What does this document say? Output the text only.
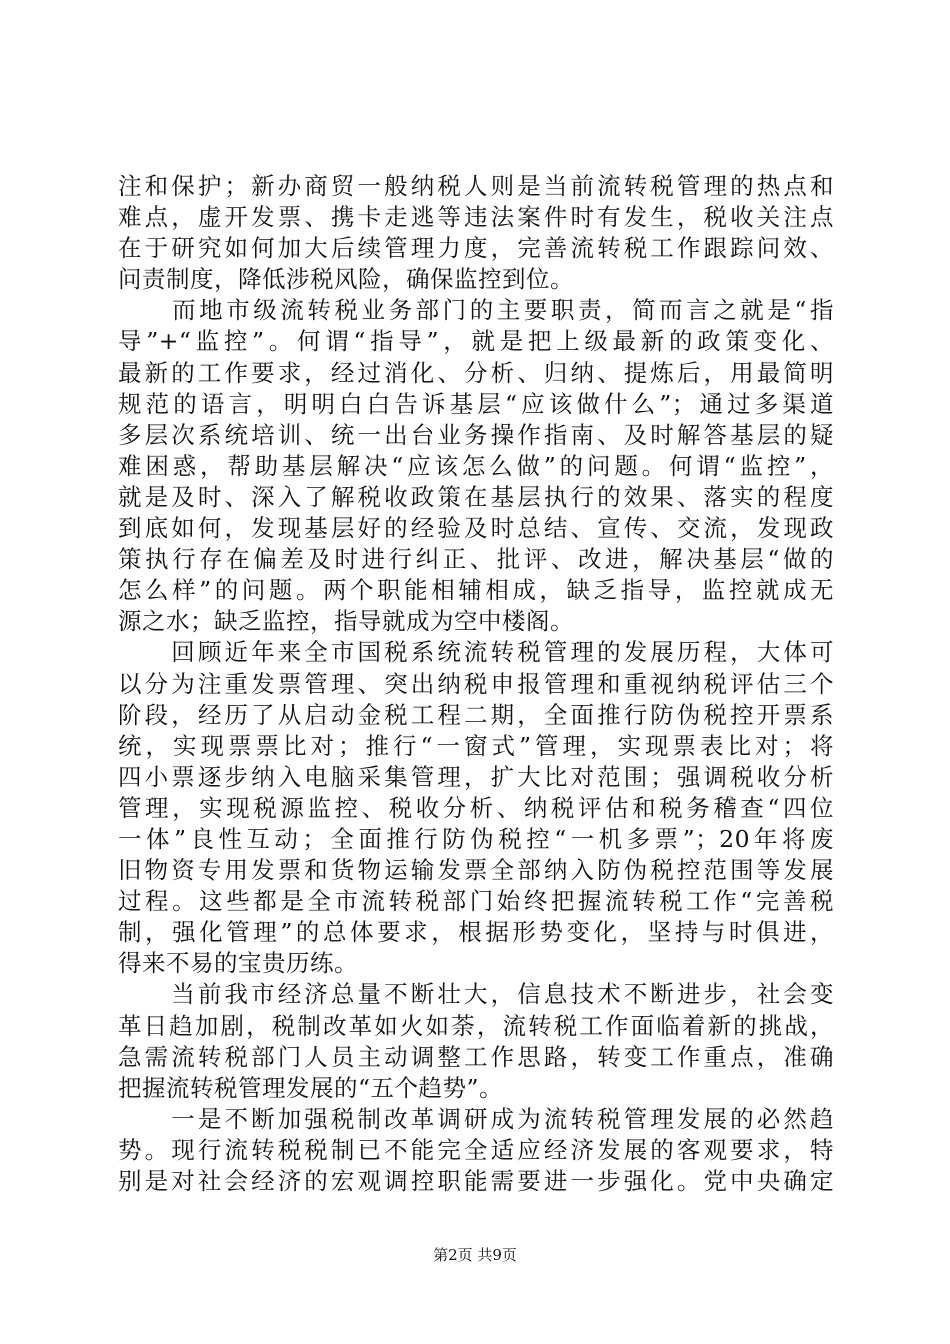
注和保护；新办商贸一般纳税人则是当前流转税管理的热点和
难点，虚开发票、携卡走逃等违法案件时有发生，税收关注点
在于研究如何加大后续管理力度，完善流转税工作跟踪问效、
问责制度，降低涉税风险，确保监控到位。
　　而地市级流转税业务部门的主要职责，简而言之就是“指
导”+“监控”。何谓“指导”，就是把上级最新的政策变化、
最新的工作要求，经过消化、分析、归纳、提炼后，用最简明
规范的语言，明明白白告诉基层“应该做什么”；通过多渠道
多层次系统培训、统一出台业务操作指南、及时解答基层的疑
难困惑，帮助基层解决“应该怎么做”的问题。何谓“监控”，
就是及时、深入了解税收政策在基层执行的效果、落实的程度
到底如何，发现基层好的经验及时总结、宣传、交流，发现政
策执行存在偏差及时进行纠正、批评、改进，解决基层“做的
怎么样”的问题。两个职能相辅相成，缺乏指导，监控就成无
源之水；缺乏监控，指导就成为空中楼阁。
　　回顾近年来全市国税系统流转税管理的发展历程，大体可
以分为注重发票管理、突出纳税申报管理和重视纳税评估三个
阶段，经历了从启动金税工程二期，全面推行防伪税控开票系
统，实现票票比对；推行“一窗式”管理，实现票表比对；将
四小票逐步纳入电脑采集管理，扩大比对范围；强调税收分析
管理，实现税源监控、税收分析、纳税评估和税务稽查“四位
一体”良性互动；全面推行防伪税控“一机多票”；20年将废
旧物资专用发票和货物运输发票全部纳入防伪税控范围等发展
过程。这些都是全市流转税部门始终把握流转税工作“完善税
制，强化管理”的总体要求，根据形势变化，坚持与时俱进，
得来不易的宝贵历练。
　　当前我市经济总量不断壮大，信息技术不断进步，社会变
革日趋加剧，税制改革如火如荼，流转税工作面临着新的挑战，
急需流转税部门人员主动调整工作思路，转变工作重点，准确
把握流转税管理发展的“五个趋势”。
　　一是不断加强税制改革调研成为流转税管理发展的必然趋
势。现行流转税税制已不能完全适应经济发展的客观要求，特
别是对社会经济的宏观调控职能需要进一步强化。党中央确定
第2页 共9页
